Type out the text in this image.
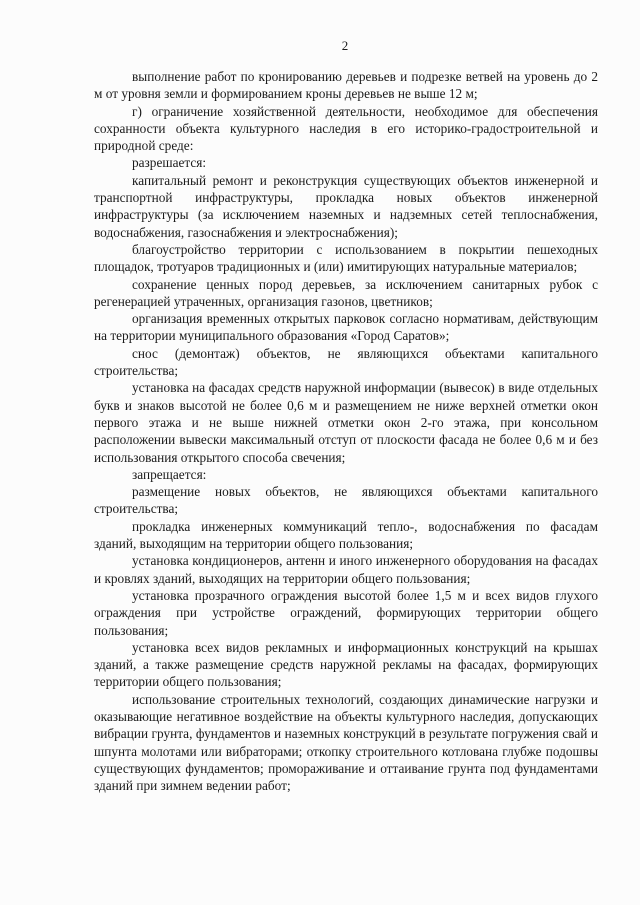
2

выполнение работ по кронированию деревьев и подрезке ветвей на уровень до 2 м от уровня земли и формированием кроны деревьев не выше 12 м;

г) ограничение хозяйственной деятельности, необходимое для обеспечения сохранности объекта культурного наследия в его историко-градостроительной и природной среде:

разрешается:

капитальный ремонт и реконструкция существующих объектов инженерной и транспортной инфраструктуры, прокладка новых объектов инженерной инфраструктуры (за исключением наземных и надземных сетей теплоснабжения, водоснабжения, газоснабжения и электроснабжения);

благоустройство территории с использованием в покрытии пешеходных площадок, тротуаров традиционных и (или) имитирующих натуральные материалов;

сохранение ценных пород деревьев, за исключением санитарных рубок с регенерацией утраченных, организация газонов, цветников;

организация временных открытых парковок согласно нормативам, действующим на территории муниципального образования «Город Саратов»;

снос (демонтаж) объектов, не являющихся объектами капитального строительства;

установка на фасадах средств наружной информации (вывесок) в виде отдельных букв и знаков высотой не более 0,6 м и размещением не ниже верхней отметки окон первого этажа и не выше нижней отметки окон 2-го этажа, при консольном расположении вывески максимальный отступ от плоскости фасада не более 0,6 м и без использования открытого способа свечения;

запрещается:

размещение новых объектов, не являющихся объектами капитального строительства;

прокладка инженерных коммуникаций тепло-, водоснабжения по фасадам зданий, выходящим на территории общего пользования;

установка кондиционеров, антенн и иного инженерного оборудования на фасадах и кровлях зданий, выходящих на территории общего пользования;

установка прозрачного ограждения высотой более 1,5 м и всех видов глухого ограждения при устройстве ограждений, формирующих территории общего пользования;

установка всех видов рекламных и информационных конструкций на крышах зданий, а также размещение средств наружной рекламы на фасадах, формирующих территории общего пользования;

использование строительных технологий, создающих динамические нагрузки и оказывающие негативное воздействие на объекты культурного наследия, допускающих вибрации грунта, фундаментов и наземных конструкций в результате погружения свай и шпунта молотами или вибраторами; откопку строительного котлована глубже подошвы существующих фундаментов; промораживание и оттаивание грунта под фундаментами зданий при зимнем ведении работ;
